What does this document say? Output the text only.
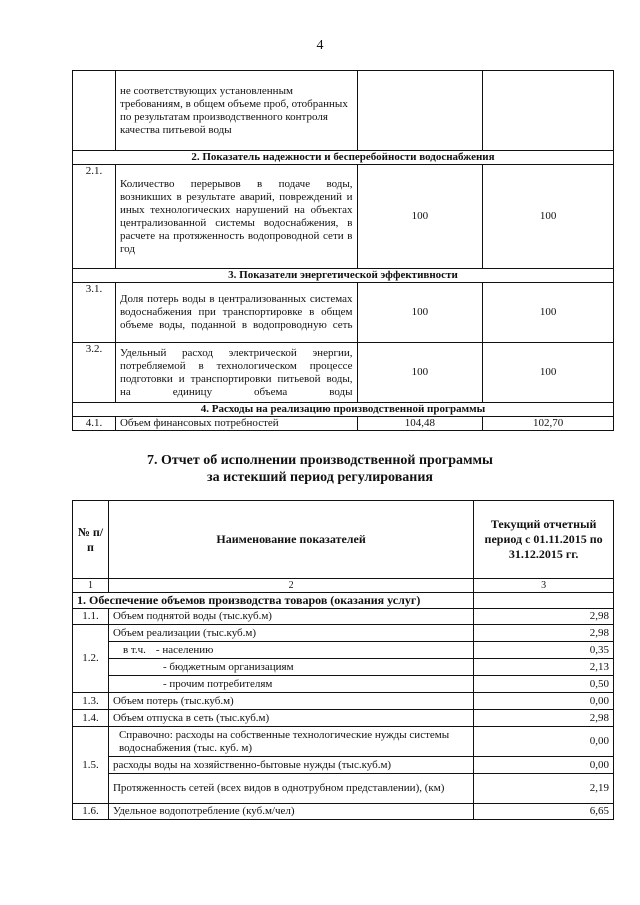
4
	не соответствующих установленным требованиям, в общем объеме проб, отобранных по результатам производственного контроля качества питьевой воды		
2. Показатель надежности и бесперебойности водоснабжения			
2.1.	Количество перерывов в подаче воды, возникших в результате аварий, повреждений и иных технологических нарушений на объектах централизованной системы водоснабжения, в расчете на протяженность водопроводной сети в год	100	100
3. Показатели энергетической эффективности			
3.1.	Доля потерь воды в централизованных системах водоснабжения при транспортировке в общем объеме воды, поданной в водопроводную сеть	100	100
3.2.	Удельный расход электрической энергии, потребляемой в технологическом процессе подготовки и транспортировки питьевой воды, на единицу объема воды	100	100
4. Расходы на реализацию производственной программы			
4.1.	Объем финансовых потребностей	104,48	102,70
7. Отчет об исполнении производственной программы
за истекший период регулирования
№ п/п	Наименование показателей	Текущий отчетный период с 01.11.2015 по 31.12.2015 гг.
1	2	3
1. Обеспечение объемов производства товаров (оказания услуг)		
1.1.	Объем поднятой воды (тыс.куб.м)	2,98
1.2.	Объем реализации (тыс.куб.м)	2,98
	в т.ч. - населению	0,35
	- бюджетным организациям	2,13
	- прочим потребителям	0,50
1.3.	Объем потерь (тыс.куб.м)	0,00
1.4.	Объем отпуска в сеть (тыс.куб.м)	2,98
1.5.	Справочно: расходы на собственные технологические нужды системы водоснабжения (тыс. куб. м)	0,00
	расходы воды на хозяйственно-бытовые нужды (тыс.куб.м)	0,00
	Протяженность сетей (всех видов в однотрубном представлении), (км)	2,19
1.6.	Удельное водопотребление (куб.м/чел)	6,65
